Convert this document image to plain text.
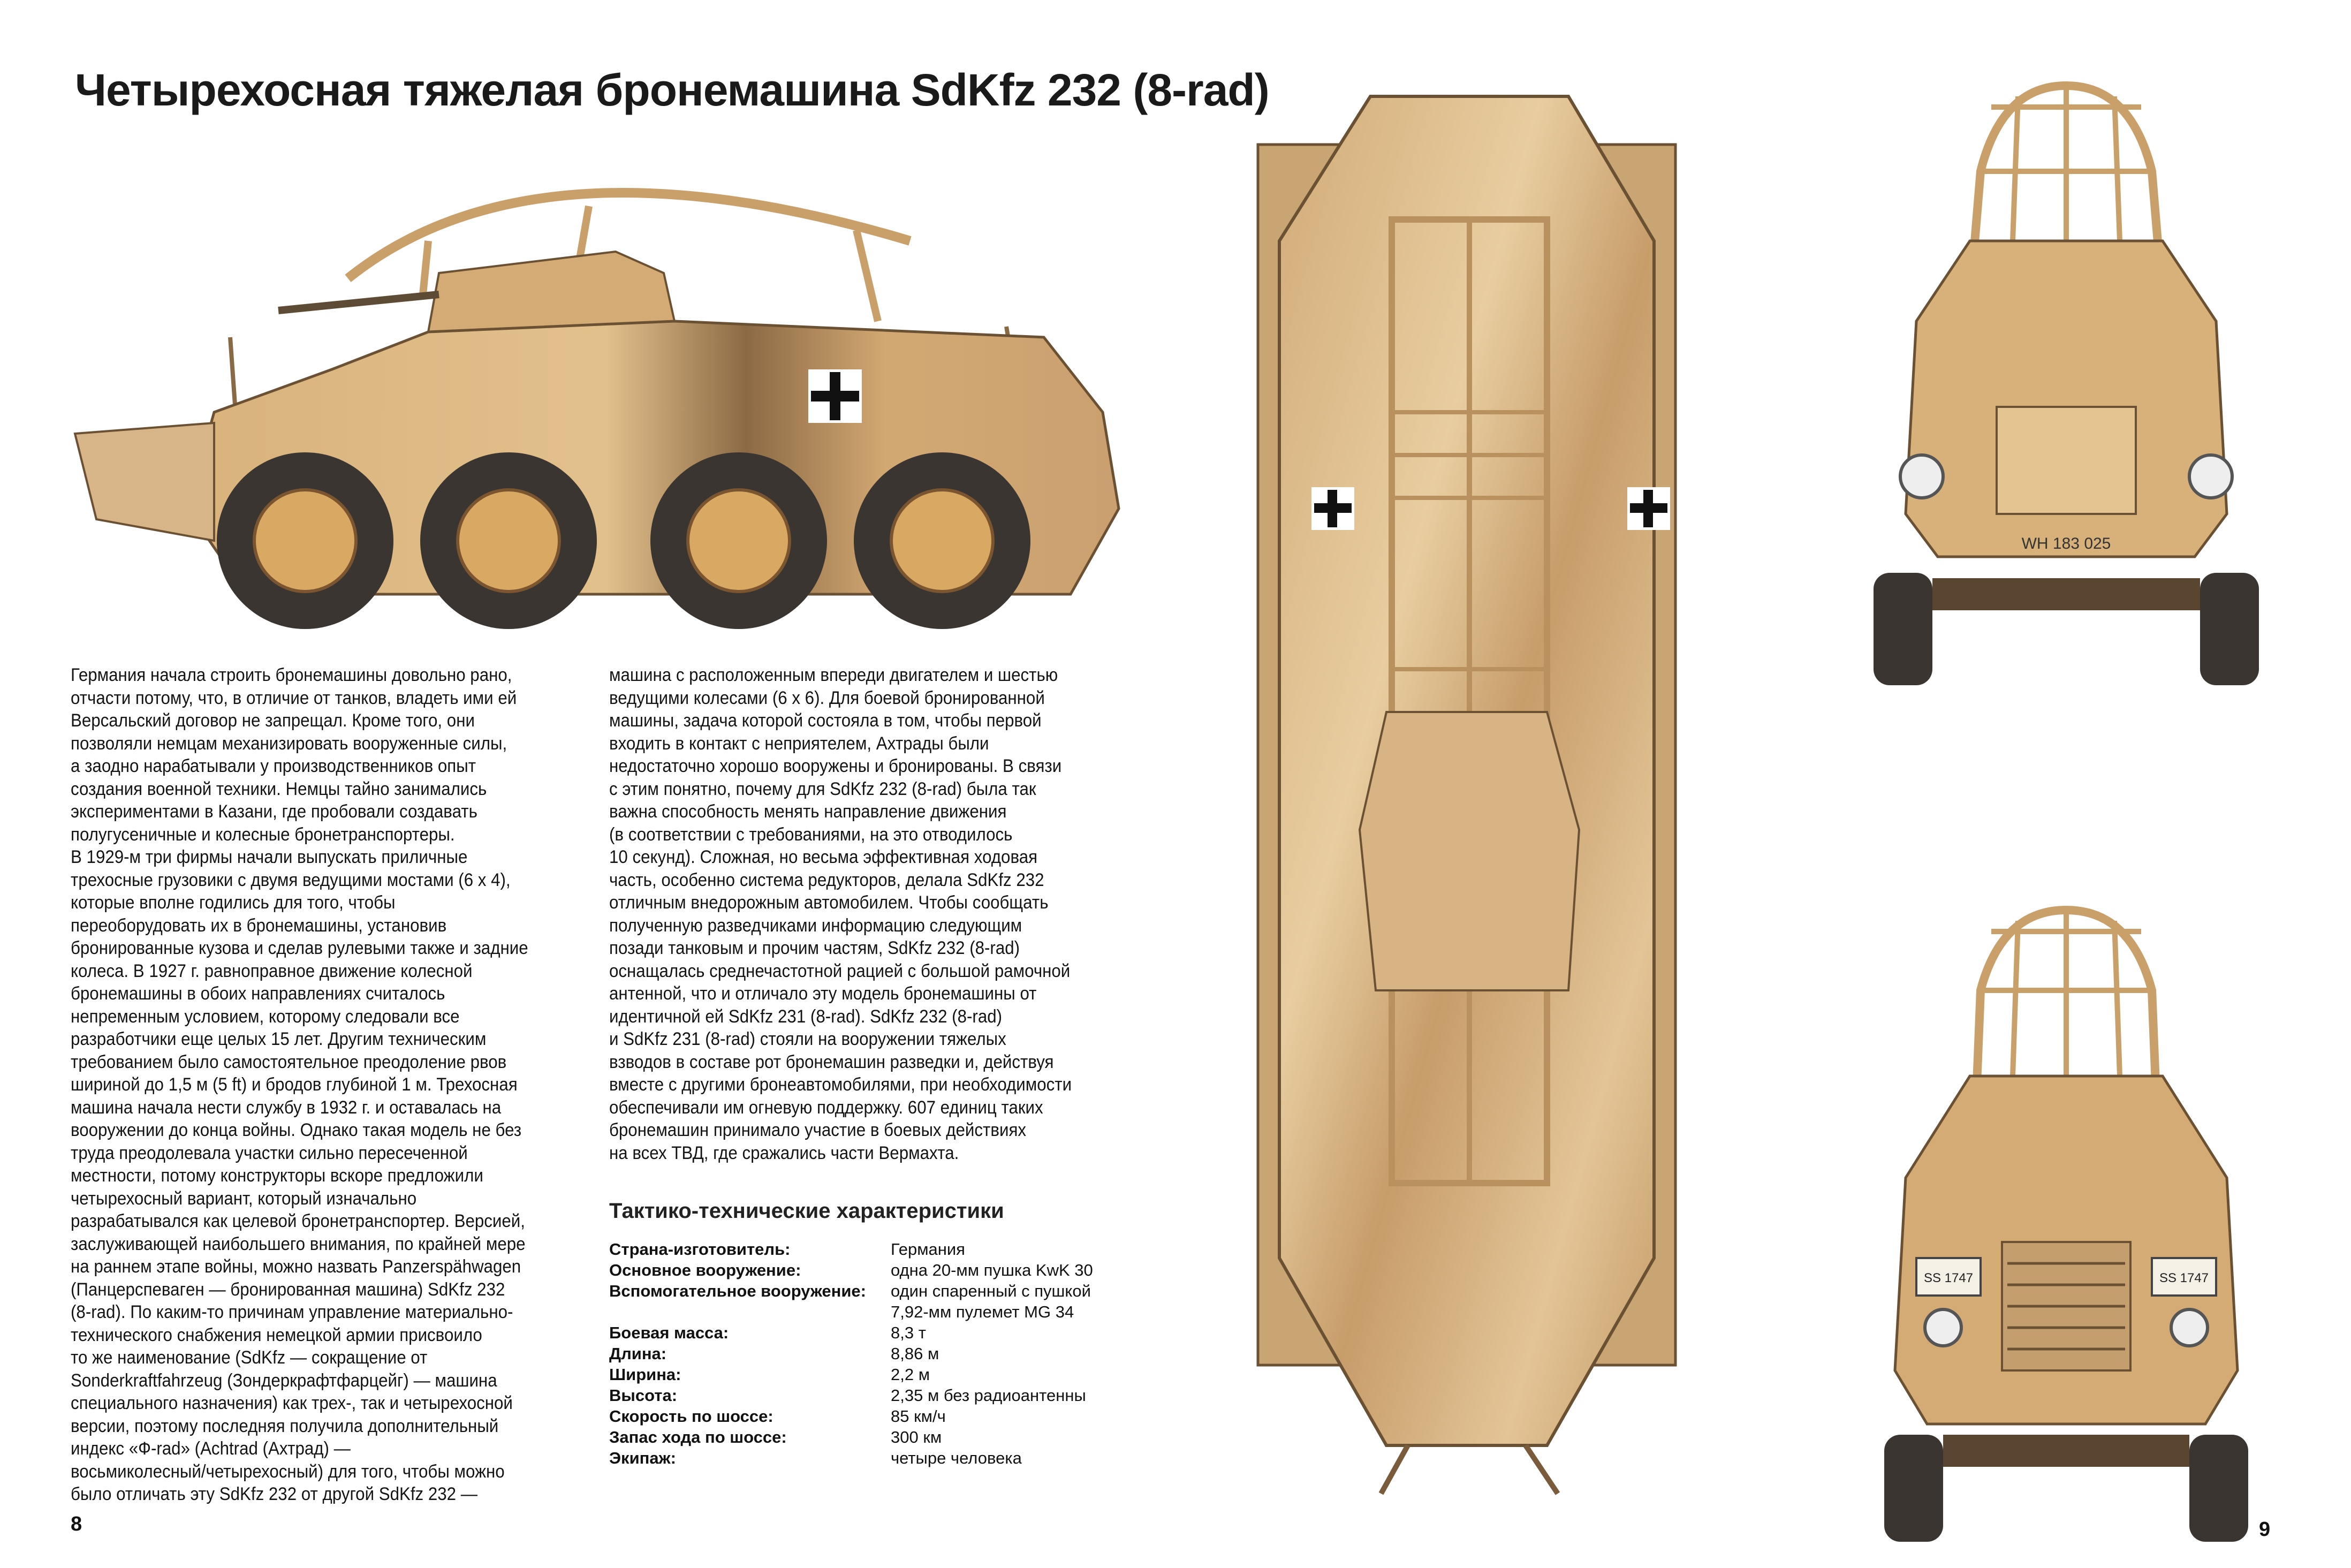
Четырехосная тяжелая бронемашина SdKfz 232 (8-rad)

Германия начала строить бронемашины довольно рано,

отчасти потому, что, в отличие от танков, владеть ими ей

Версальский договор не запрещал. Кроме того, они

позволяли немцам механизировать вооруженные силы,

а заодно нарабатывали у производственников опыт

создания военной техники. Немцы тайно занимались

экспериментами в Казани, где пробовали создавать

полугусеничные и колесные бронетранспортеры.

В 1929-м три фирмы начали выпускать приличные

трехосные грузовики с двумя ведущими мостами (6 x 4),

которые вполне годились для того, чтобы

переоборудовать их в бронемашины, установив

бронированные кузова и сделав рулевыми также и задние

колеса. В 1927 г. равноправное движение колесной

бронемашины в обоих направлениях считалось

непременным условием, которому следовали все

разработчики еще целых 15 лет. Другим техническим

требованием было самостоятельное преодоление рвов

шириной до 1,5 м (5 ft) и бродов глубиной 1 м. Трехосная

машина начала нести службу в 1932 г. и оставалась на

вооружении до конца войны. Однако такая модель не без

труда преодолевала участки сильно пересеченной

местности, потому конструкторы вскоре предложили

четырехосный вариант, который изначально

разрабатывался как целевой бронетранспортер. Версией,

заслуживающей наибольшего внимания, по крайней мере

на раннем этапе войны, можно назвать Panzerspähwagen

(Панцерспевагeн — бронированная машина) SdKfz 232

(8-rad). По каким-то причинам управление материально-

технического снабжения немецкой армии присвоило

то же наименование (SdKfz — сокращение от

Sonderkraftfahrzeug (Зондеркрафтфарцейг) — машина

специального назначения) как трех-, так и четырехосной

версии, поэтому последняя получила дополнительный

индекс «Ф-rad» (Achtrad (Ахтрад) —

восьмиколесный/четырехосный) для того, чтобы можно

было отличать эту SdKfz 232 от другой SdKfz 232 —

машина с расположенным впереди двигателем и шестью

ведущими колесами (6 x 6). Для боевой бронированной

машины, задача которой состояла в том, чтобы первой

входить в контакт с неприятелем, Ахтрады были

недостаточно хорошо вооружены и бронированы. В связи

с этим понятно, почему для SdKfz 232 (8-rad) была так

важна способность менять направление движения

(в соответствии с требованиями, на это отводилось

10 секунд). Сложная, но весьма эффективная ходовая

часть, особенно система редукторов, делала SdKfz 232

отличным внедорожным автомобилем. Чтобы сообщать

полученную разведчиками информацию следующим

позади танковым и прочим частям, SdKfz 232 (8-rad)

оснащалась среднечастотной рацией с большой рамочной

антенной, что и отличало эту модель бронемашины от

идентичной ей SdKfz 231 (8-rad). SdKfz 232 (8-rad)

и SdKfz 231 (8-rad) стояли на вооружении тяжелых

взводов в составе рот бронемашин разведки и, действуя

вместе с другими бронеавтомобилями, при необходимости

обеспечивали им огневую поддержку. 607 единиц таких

бронемашин принимало участие в боевых действиях

на всех ТВД, где сражались части Вермахта.

Тактико-технические характеристики
Страна-изготовитель:	Германия
Основное вооружение:	одна 20-мм пушка KwK 30
Вспомогательное вооружение:	один спаренный с пушкой
	7,92-мм пулемет MG 34
Боевая масса:	8,3 т
Длина:	8,86 м
Ширина:	2,2 м
Высота:	2,35 м без радиоантенны
Скорость по шоссе:	85 км/ч
Запас хода по шоссе:	300 км
Экипаж:	четыре человека
WH 183 025
SS 1747	SS 1747
8	9
